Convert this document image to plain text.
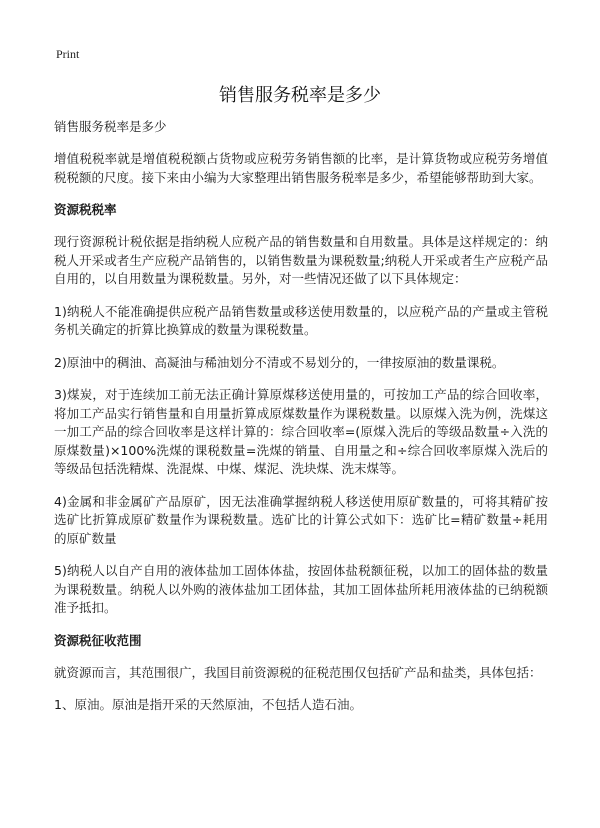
Print
销售服务税率是多少
销售服务税率是多少

增值税税率就是增值税税额占货物或应税劳务销售额的比率，是计算货物或应税劳务增值税税额的尺度。接下来由小编为大家整理出销售服务税率是多少，希望能够帮助到大家。

资源税税率

现行资源税计税依据是指纳税人应税产品的销售数量和自用数量。具体是这样规定的：纳税人开采或者生产应税产品销售的，以销售数量为课税数量;纳税人开采或者生产应税产品自用的，以自用数量为课税数量。另外，对一些情况还做了以下具体规定：

1)纳税人不能准确提供应税产品销售数量或移送使用数量的，以应税产品的产量或主管税务机关确定的折算比换算成的数量为课税数量。

2)原油中的稠油、高凝油与稀油划分不清或不易划分的，一律按原油的数量课税。

3)煤炭，对于连续加工前无法正确计算原煤移送使用量的，可按加工产品的综合回收率，将加工产品实行销售量和自用量折算成原煤数量作为课税数量。以原煤入洗为例，洗煤这一加工产品的综合回收率是这样计算的：综合回收率=(原煤入洗后的等级品数量÷入洗的原煤数量)×100%洗煤的课税数量=洗煤的销量、自用量之和÷综合回收率原煤入洗后的等级品包括洗精煤、洗混煤、中煤、煤泥、洗块煤、洗末煤等。

4)金属和非金属矿产品原矿，因无法准确掌握纳税人移送使用原矿数量的，可将其精矿按选矿比折算成原矿数量作为课税数量。选矿比的计算公式如下：选矿比=精矿数量÷耗用的原矿数量

5)纳税人以自产自用的液体盐加工固体体盐，按固体盐税额征税，以加工的固体盐的数量为课税数量。纳税人以外购的液体盐加工团体盐，其加工固体盐所耗用液体盐的已纳税额准予抵扣。

资源税征收范围

就资源而言，其范围很广，我国目前资源税的征税范围仅包括矿产品和盐类，具体包括：

1、原油。原油是指开采的天然原油，不包括人造石油。
